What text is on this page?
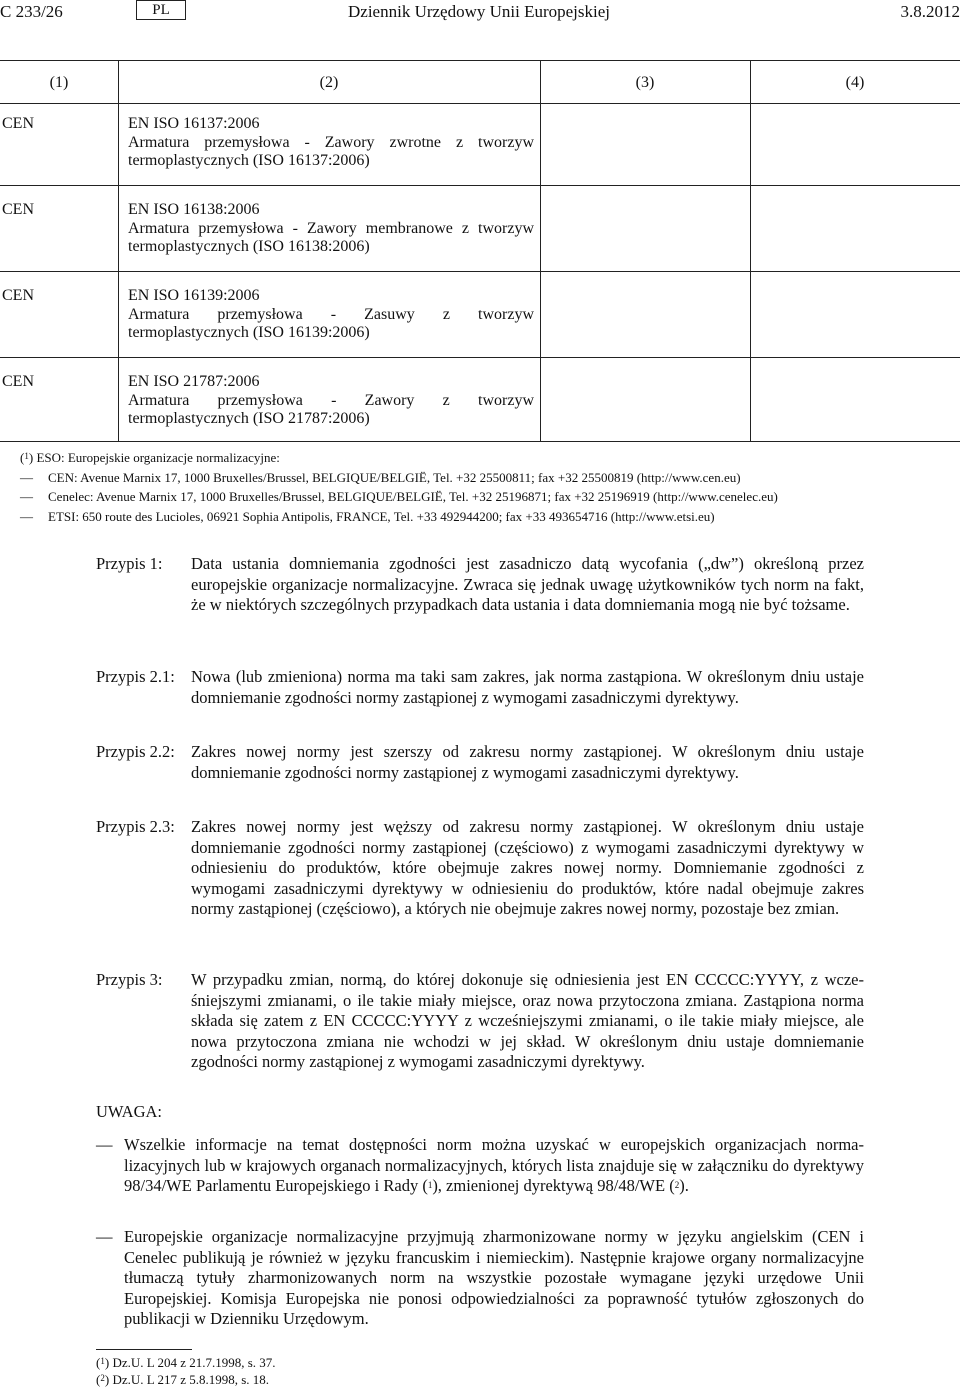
C 233/26	PL	Dziennik Urzędowy Unii Europejskiej	3.8.2012
(1)	(2)	(3)	(4)
CEN	EN ISO 16137:2006
Armatura przemysłowa - Zawory zwrotne z tworzyw termoplastycznych (ISO 16137:2006)
CEN	EN ISO 16138:2006
Armatura przemysłowa - Zawory membranowe z tworzyw termoplastycznych (ISO 16138:2006)
CEN	EN ISO 16139:2006
Armatura przemysłowa - Zasuwy z tworzyw termoplastycznych (ISO 16139:2006)
CEN	EN ISO 21787:2006
Armatura przemysłowa - Zawory z tworzyw termoplastycznych (ISO 21787:2006)
($^1$) ESO: Europejskie organizacje normalizacyjne:
— CEN: Avenue Marnix 17, 1000 Bruxelles/Brussel, BELGIQUE/BELGIË, Tel. +32 25500811; fax +32 25500819 (http://www.cen.eu)
— Cenelec: Avenue Marnix 17, 1000 Bruxelles/Brussel, BELGIQUE/BELGIË, Tel. +32 25196871; fax +32 25196919 (http://www.cenelec.eu)
— ETSI: 650 route des Lucioles, 06921 Sophia Antipolis, FRANCE, Tel. +33 492944200; fax +33 493654716 (http://www.etsi.eu)
Przypis 1: Data ustania domniemania zgodności jest zasadniczo datą wycofania („dw”) określoną przez europejskie organizacje normalizacyjne. Zwraca się jednak uwagę użytkowników tych norm na fakt, że w niektórych szczególnych przypadkach data ustania i data domniemania mogą nie być tożsame.
Przypis 2.1: Nowa (lub zmieniona) norma ma taki sam zakres, jak norma zastąpiona. W określonym dniu ustaje domniemanie zgodności normy zastąpionej z wymogami zasadniczymi dyrektywy.
Przypis 2.2: Zakres nowej normy jest szerszy od zakresu normy zastąpionej. W określonym dniu ustaje domniemanie zgodności normy zastąpionej z wymogami zasadniczymi dyrektywy.
Przypis 2.3: Zakres nowej normy jest węższy od zakresu normy zastąpionej. W określonym dniu ustaje domniemanie zgodności normy zastąpionej (częściowo) z wymogami zasadniczymi dyrektywy w odniesieniu do produktów, które obejmuje zakres nowej normy. Domniemanie zgodności z wymogami zasadniczymi dyrektywy w odniesieniu do produktów, które nadal obejmuje zakres normy zastąpionej (częściowo), a których nie obejmuje zakres nowej normy, pozostaje bez zmian.
Przypis 3: W przypadku zmian, normą, do której dokonuje się odniesienia jest EN CCCCC:YYYY, z wcześniejszymi zmianami, o ile takie miały miejsce, oraz nowa przytoczona zmiana. Zastąpiona norma składa się zatem z EN CCCCC:YYYY z wcześniejszymi zmianami, o ile takie miały miejsce, ale nowa przytoczona zmiana nie wchodzi w jej skład. W określonym dniu ustaje domniemanie zgodności normy zastąpionej z wymogami zasadniczymi dyrektywy.
UWAGA:
— Wszelkie informacje na temat dostępności norm można uzyskać w europejskich organizacjach normalizacyjnych lub w krajowych organach normalizacyjnych, których lista znajduje się w załączniku do dyrektywy 98/34/WE Parlamentu Europejskiego i Rady ($^1$), zmienionej dyrektywą 98/48/WE ($^2$).
— Europejskie organizacje normalizacyjne przyjmują zharmonizowane normy w języku angielskim (CEN i Cenelec publikują je również w języku francuskim i niemieckim). Następnie krajowe organy normalizacyjne tłumaczą tytuły zharmonizowanych norm na wszystkie pozostałe wymagane języki urzędowe Unii Europejskiej. Komisja Europejska nie ponosi odpowiedzialności za poprawność tytułów zgłoszonych do publikacji w Dzienniku Urzędowym.
($^1$) Dz.U. L 204 z 21.7.1998, s. 37.
($^2$) Dz.U. L 217 z 5.8.1998, s. 18.
